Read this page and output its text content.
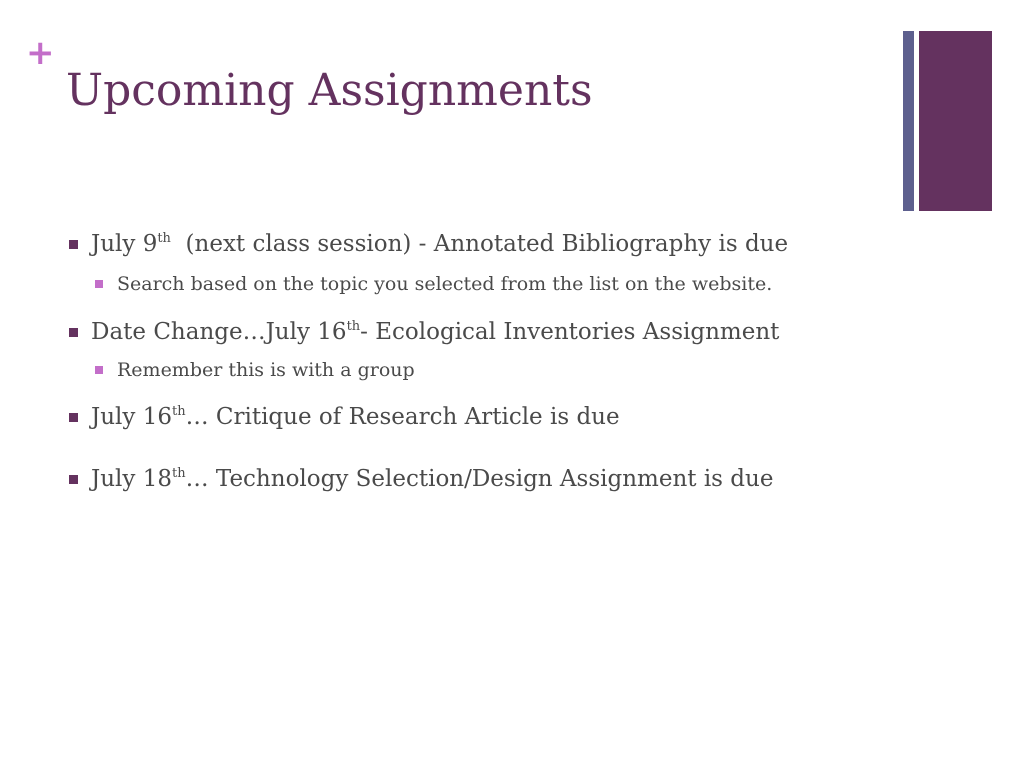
+
Upcoming Assignments
July 9th  (next class session) - Annotated Bibliography is due
Search based on the topic you selected from the list on the website.
Date Change…July 16th- Ecological Inventories Assignment
Remember this is with a group
July 16th… Critique of Research Article is due
July 18th… Technology Selection/Design Assignment is due
